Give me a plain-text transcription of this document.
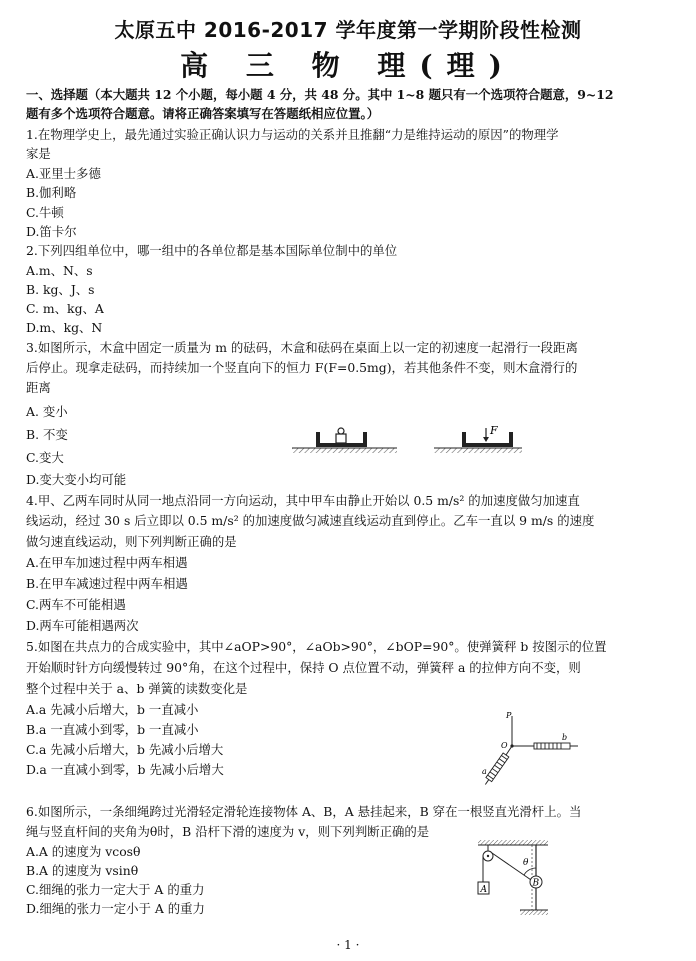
太原五中 2016-2017 学年度第一学期阶段性检测
高 三 物 理(理)
一、选择题（本大题共 12 个小题，每小题 4 分，共 48 分。其中 1~8 题只有一个选项符合题意，9~12
题有多个选项符合题意。请将正确答案填写在答题纸相应位置。）
1.在物理学史上，最先通过实验正确认识力与运动的关系并且推翻“力是维持运动的原因”的物理学
家是
A.亚里士多德
B.伽利略
C.牛顿
D.笛卡尔
2.下列四组单位中，哪一组中的各单位都是基本国际单位制中的单位
A.m、N、s
B. kg、J、s
C. m、kg、A
D.m、kg、N
3.如图所示，木盒中固定一质量为 m 的砝码，木盒和砝码在桌面上以一定的初速度一起滑行一段距离
后停止。现拿走砝码，而持续加一个竖直向下的恒力 F(F=0.5mg)，若其他条件不变，则木盒滑行的
距离
A. 变小
B. 不变
C.变大
D.变大变小均可能
F
4.甲、乙两车同时从同一地点沿同一方向运动，其中甲车由静止开始以 0.5 m/s² 的加速度做匀加速直
线运动，经过 30 s 后立即以 0.5 m/s² 的加速度做匀减速直线运动直到停止。乙车一直以 9 m/s 的速度
做匀速直线运动，则下列判断正确的是
A.在甲车加速过程中两车相遇
B.在甲车减速过程中两车相遇
C.两车不可能相遇
D.两车可能相遇两次
5.如图在共点力的合成实验中，其中∠aOP>90°，∠aOb>90°，∠bOP=90°。使弹簧秤 b 按图示的位置
开始顺时针方向缓慢转过 90°角，在这个过程中，保持 O 点位置不动，弹簧秤 a 的拉伸方向不变，则
整个过程中关于 a、b 弹簧的读数变化是
A.a 先减小后增大，b 一直减小
B.a 一直减小到零，b 一直减小
C.a 先减小后增大，b 先减小后增大
D.a 一直减小到零，b 先减小后增大
P
O
b
a
6.如图所示，一条细绳跨过光滑轻定滑轮连接物体 A、B，A 悬挂起来，B 穿在一根竖直光滑杆上。当
绳与竖直杆间的夹角为θ时，B 沿杆下滑的速度为 v，则下列判断正确的是
A.A 的速度为 vcosθ
B.A 的速度为 vsinθ
C.细绳的张力一定大于 A 的重力
D.细绳的张力一定小于 A 的重力
A
B
θ
· 1 ·
